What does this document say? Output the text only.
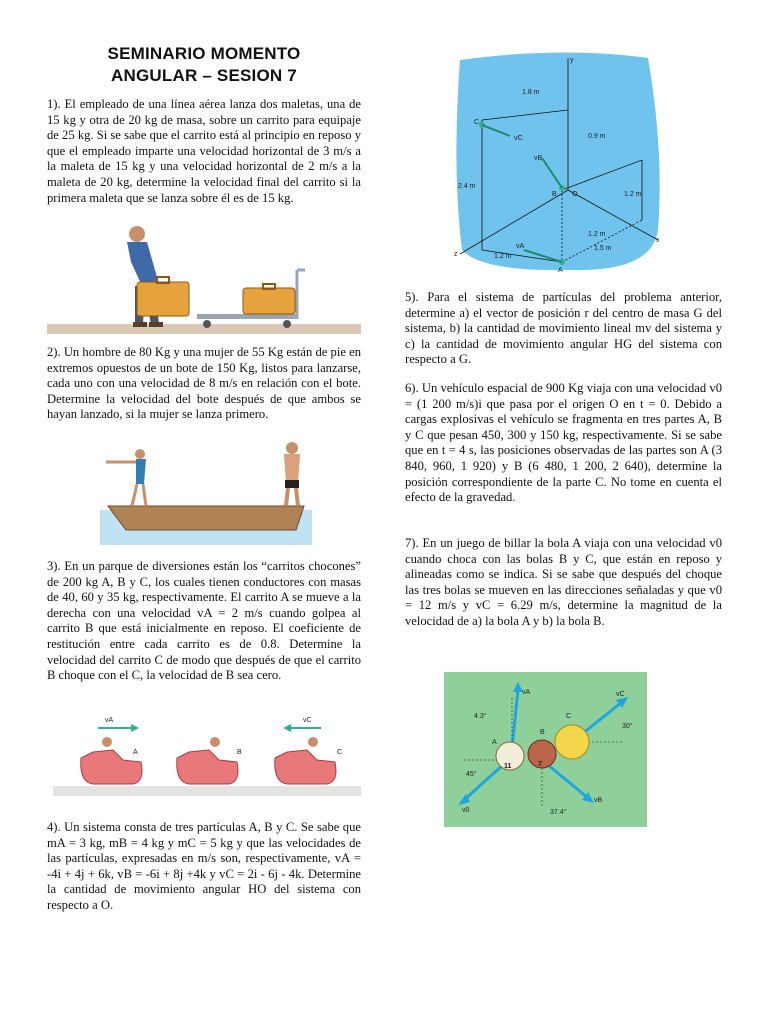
SEMINARIO MOMENTO
ANGULAR – SESION 7
1). El empleado de una línea aérea lanza dos maletas, una de 15 kg y otra de 20 kg de masa, sobre un carrito para equipaje de 25 kg. Si se sabe que el carrito está al principio en reposo y que el empleado imparte una velocidad horizontal de 3 m/s a la maleta de 15 kg y una velocidad horizontal de 2 m/s a la maleta de 20 kg, determine la velocidad final del carrito si la primera maleta que se lanza sobre él es de 15 kg.
2). Un hombre de 80 Kg y una mujer de 55 Kg están de pie en extremos opuestos de un bote de 150 Kg, listos para lanzarse, cada uno con una velocidad de 8 m/s en relación con el bote. Determine la velocidad del bote después de que ambos se hayan lanzado, si la mujer se lanza primero.
3). En un parque de diversiones están los “carritos chocones” de 200 kg A, B y C, los cuales tienen conductores con masas de 40, 60 y 35 kg, respectivamente. El carrito A se mueve a la derecha con una velocidad vA = 2 m/s cuando golpea al carrito B que está inicialmente en reposo. El coeficiente de restitución entre cada carrito es de 0.8. Determine la velocidad del carrito C de modo que después de que el carrito B choque con el C, la velocidad de B sea cero.
vA	vC
A	B	C
4). Un sistema consta de tres partículas A, B y C. Se sabe que mA = 3 kg, mB = 4 kg y mC = 5 kg y que las velocidades de las partículas, expresadas en m/s son, respectivamente, vA = -4i + 4j + 6k, vB = -6i + 8j +4k y vC = 2i - 6j - 4k. Determine la cantidad de movimiento angular HO del sistema con respecto a O.
y
x
z
1.8 m
0.9 m
2.4 m
1.2 m
1.2 m
1.5 m
1.2 m
C
B O
A
vC
vB
vA
5). Para el sistema de partículas del problema anterior, determine a) el vector de posición r del centro de masa G del sistema, b) la cantidad de movimiento lineal mv del sistema y c) la cantidad de movimiento angular HG del sistema con respecto a G.
6). Un vehículo espacial de 900 Kg viaja con una velocidad v0 = (1 200 m/s)i que pasa por el origen O en t = 0. Debido a cargas explosivas el vehículo se fragmenta en tres partes A, B y C que pesan 450, 300 y 150 kg, respectivamente. Si se sabe que en t = 4 s, las posiciones observadas de las partes son A (3 840, 960, 1 920) y B (6 480, 1 200, 2 640), determine la posición correspondiente de la parte C. No tome en cuenta el efecto de la gravedad.
7). En un juego de billar la bola A viaja con una velocidad v0 cuando choca con las bolas B y C, que están en reposo y alineadas como se indica. Si se sabe que después del choque las tres bolas se mueven en las direcciones señaladas y que v0 = 12 m/s y vC = 6.29 m/s, determine la magnitud de la velocidad de a) la bola A y b) la bola B.
11	7
A
B
C
vA	vC
vB
v0
4.3°
30°
45°
37.4°
